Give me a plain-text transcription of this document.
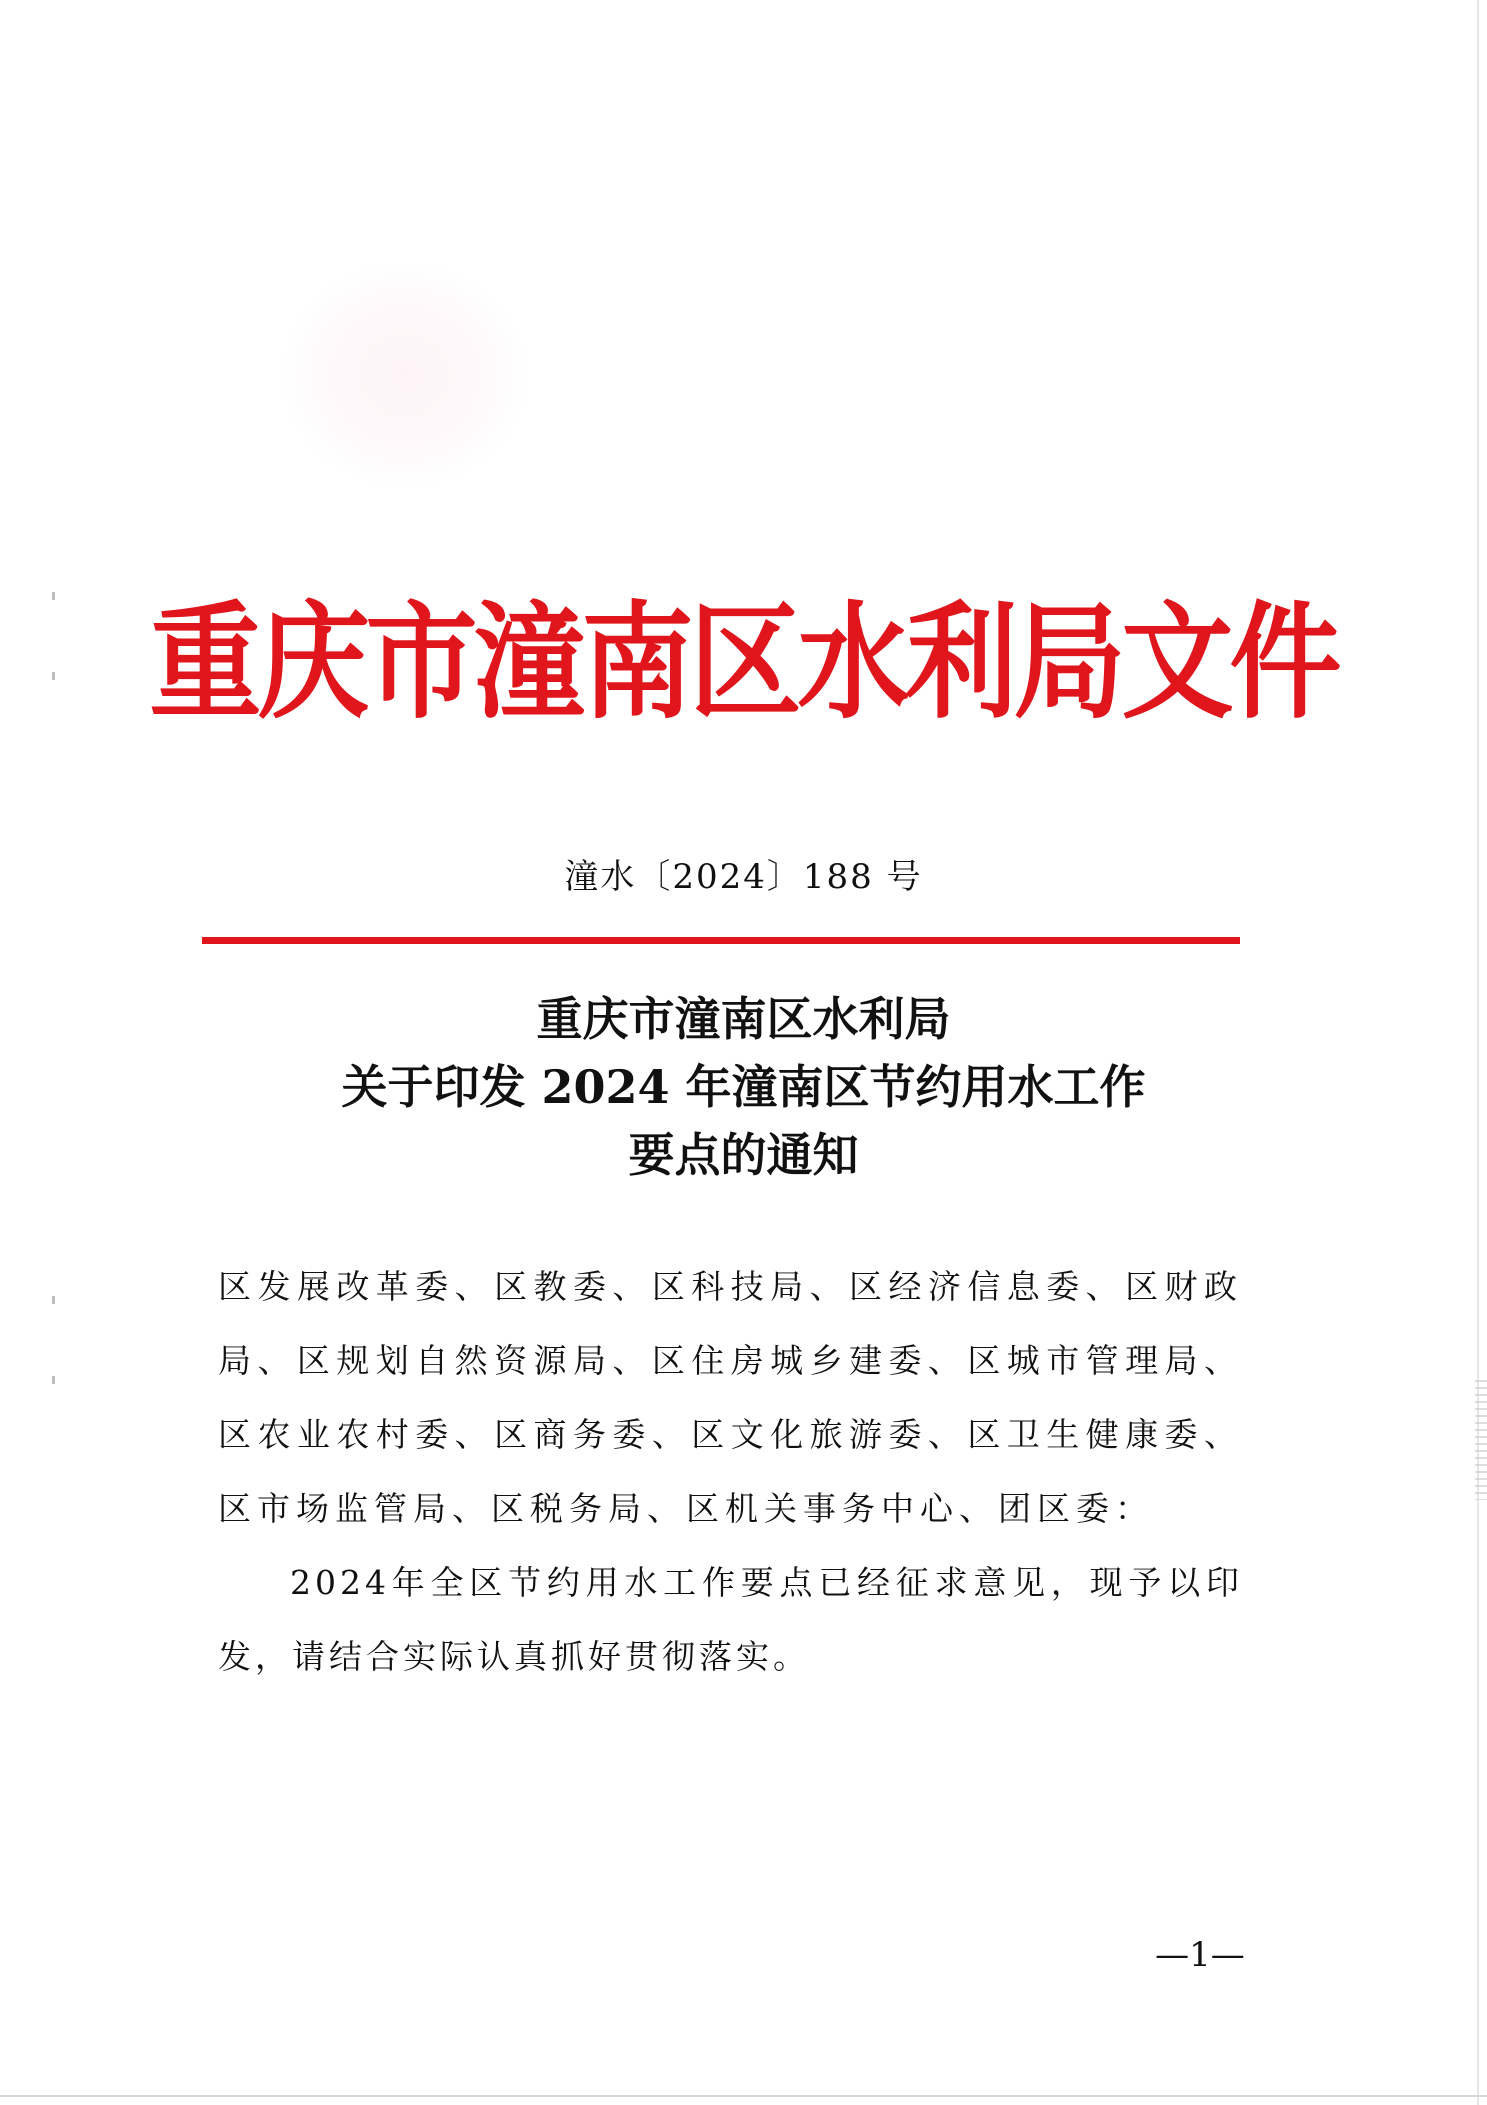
重庆市潼南区水利局文件
潼水〔2024〕188 号
重庆市潼南区水利局
关于印发 2024 年潼南区节约用水工作
要点的通知
区发展改革委、区教委、区科技局、区经济信息委、区财政局、区规划自然资源局、区住房城乡建委、区城市管理局、区农业农村委、区商务委、区文化旅游委、区卫生健康委、区市场监管局、区税务局、区机关事务中心、团区委：
2024年全区节约用水工作要点已经征求意见，现予以印发，请结合实际认真抓好贯彻落实。
—1—
